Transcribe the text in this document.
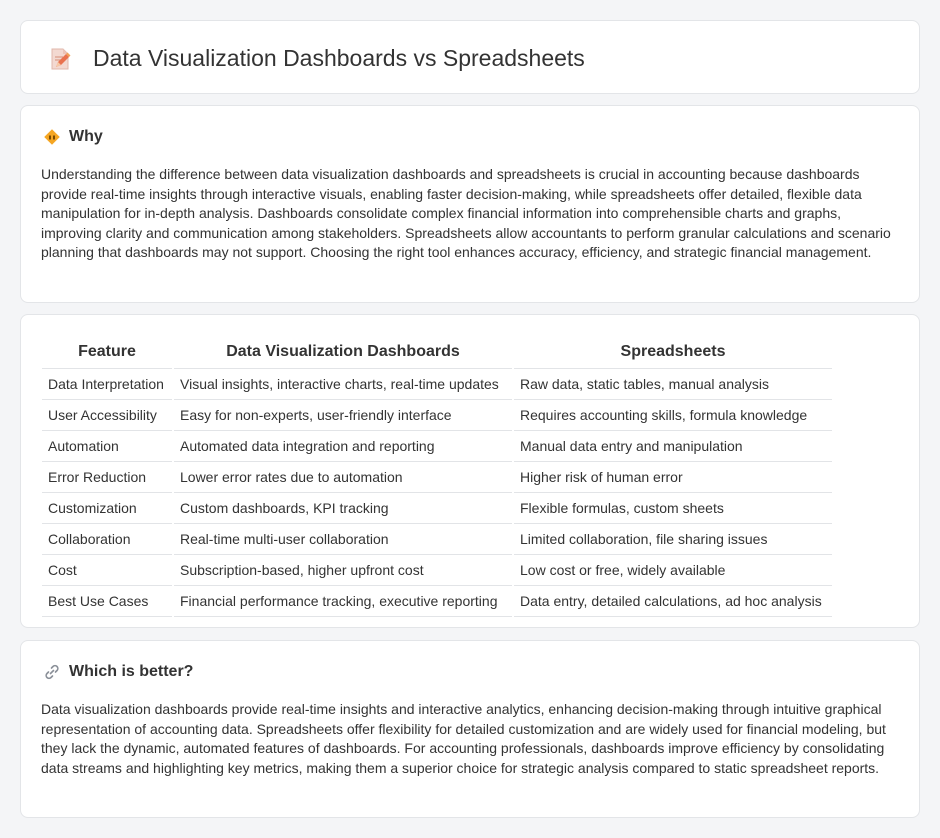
Data Visualization Dashboards vs Spreadsheets
Why

Understanding the difference between data visualization dashboards and spreadsheets is crucial in accounting because dashboards provide real-time insights through interactive visuals, enabling faster decision-making, while spreadsheets offer detailed, flexible data manipulation for in-depth analysis. Dashboards consolidate complex financial information into comprehensible charts and graphs, improving clarity and communication among stakeholders. Spreadsheets allow accountants to perform granular calculations and scenario planning that dashboards may not support. Choosing the right tool enhances accuracy, efficiency, and strategic financial management.

Feature		Data Visualization Dashboards		Spreadsheets
Data Interpretation		Visual insights, interactive charts, real-time updates		Raw data, static tables, manual analysis
User Accessibility		Easy for non-experts, user-friendly interface		Requires accounting skills, formula knowledge
Automation		Automated data integration and reporting		Manual data entry and manipulation
Error Reduction		Lower error rates due to automation		Higher risk of human error
Customization		Custom dashboards, KPI tracking		Flexible formulas, custom sheets
Collaboration		Real-time multi-user collaboration		Limited collaboration, file sharing issues
Cost		Subscription-based, higher upfront cost		Low cost or free, widely available
Best Use Cases		Financial performance tracking, executive reporting		Data entry, detailed calculations, ad hoc analysis
Which is better?

Data visualization dashboards provide real-time insights and interactive analytics, enhancing decision-making through intuitive graphical representation of accounting data. Spreadsheets offer flexibility for detailed customization and are widely used for financial modeling, but they lack the dynamic, automated features of dashboards. For accounting professionals, dashboards improve efficiency by consolidating data streams and highlighting key metrics, making them a superior choice for strategic analysis compared to static spreadsheet reports.
